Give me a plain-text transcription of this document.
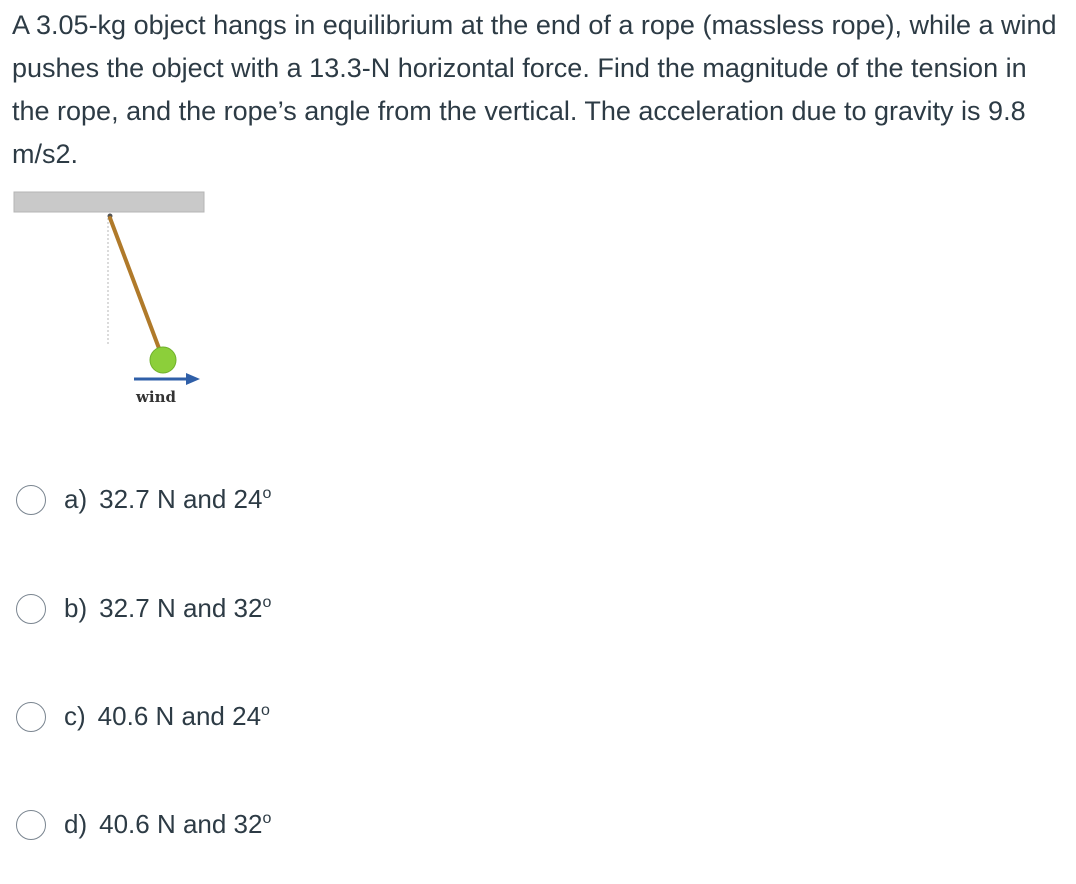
A 3.05-kg object hangs in equilibrium at the end of a rope (massless rope), while a wind pushes the object with a 13.3-N horizontal force. Find the magnitude of the tension in the rope, and the rope’s angle from the vertical. The acceleration due to gravity is 9.8 m/s2.

wind
a) 32.7 N and 24$^o$
b) 32.7 N and 32$^o$
c) 40.6 N and 24$^o$
d) 40.6 N and 32$^o$
